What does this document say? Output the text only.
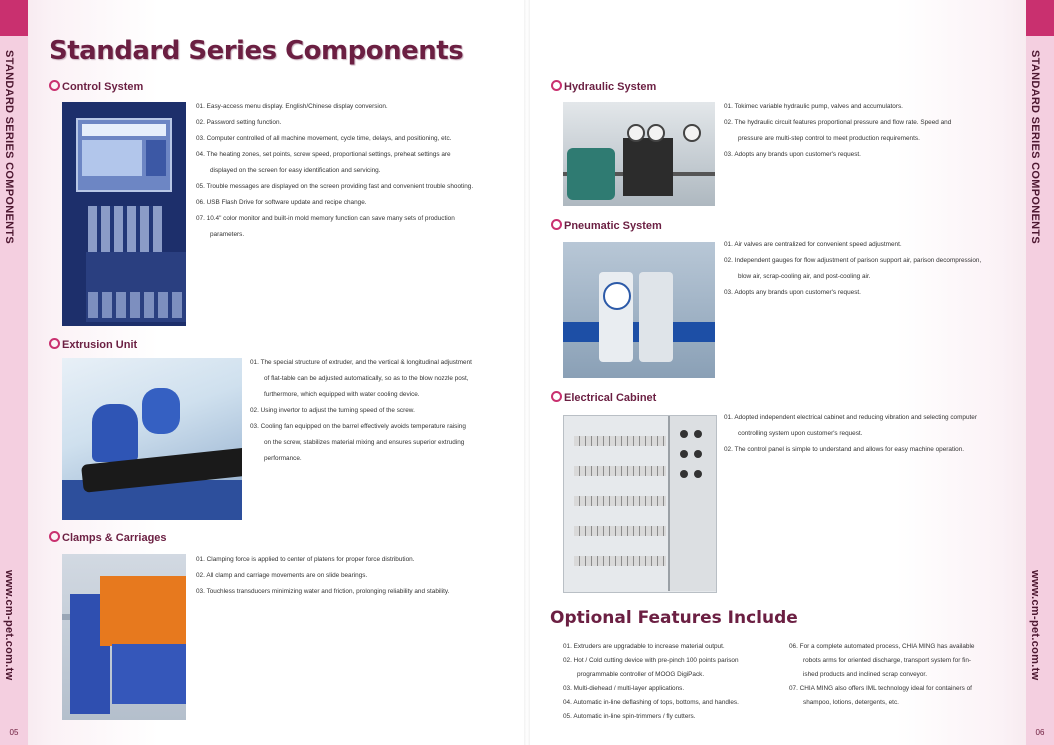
STANDARD SERIES COMPONENTS
www.cm-pet.com.tw
05
STANDARD SERIES COMPONENTS
www.cm-pet.com.tw
06
Standard Series Components
Control System
01. Easy-access menu display. English/Chinese display conversion.
02. Password setting function.
03. Computer controlled of all machine movement, cycle time, delays, and positioning, etc.
04. The heating zones, set points, screw speed, proportional settings, preheat settings are
displayed on the screen for easy identification and servicing.
05. Trouble messages are displayed on the screen providing fast and convenient trouble shooting.
06. USB Flash Drive for software update and recipe change.
07. 10.4" color monitor and built-in mold memory function can save many sets of production
parameters.
Extrusion Unit
01. The special structure of extruder, and the vertical & longitudinal adjustment
of flat-table can be adjusted automatically, so as to the blow nozzle post,
furthermore, which equipped with water cooling device.
02. Using invertor to adjust the turning speed of the screw.
03. Cooling fan equipped on the barrel effectively avoids temperature raising
on the screw, stabilizes material mixing and ensures superior extruding
performance.
Clamps & Carriages
01. Clamping force is applied to center of platens for proper force distribution.
02. All clamp and carriage movements are on slide bearings.
03. Touchless transducers minimizing water and friction, prolonging reliability and stability.
Hydraulic System
01. Tokimec variable hydraulic pump, valves and accumulators.
02. The hydraulic circuit features proportional pressure and flow rate. Speed and
pressure are multi-step control to meet production requirements.
03. Adopts any brands upon customer's request.
Pneumatic System
01. Air valves are centralized for convenient speed adjustment.
02. Independent gauges for flow adjustment of parison support air, parison decompression,
blow air, scrap-cooling air, and post-cooling air.
03. Adopts any brands upon customer's request.
Electrical Cabinet
01. Adopted independent electrical cabinet and reducing vibration and selecting computer
controlling system upon customer's request.
02. The control panel is simple to understand and allows for easy machine operation.
Optional Features Include
01. Extruders are upgradable to increase material output.
02. Hot / Cold cutting device with pre-pinch 100 points parison
programmable controller of MOOG DigiPack.
03. Multi-diehead / multi-layer applications.
04. Automatic in-line deflashing of tops, bottoms, and handles.
05. Automatic in-line spin-trimmers / fly cutters.
06. For a complete automated process, CHIA MING has available
robots arms for oriented discharge, transport system for fin-
ished products and inclined scrap conveyor.
07. CHIA MING also offers IML technology ideal for containers of
shampoo, lotions, detergents, etc.
